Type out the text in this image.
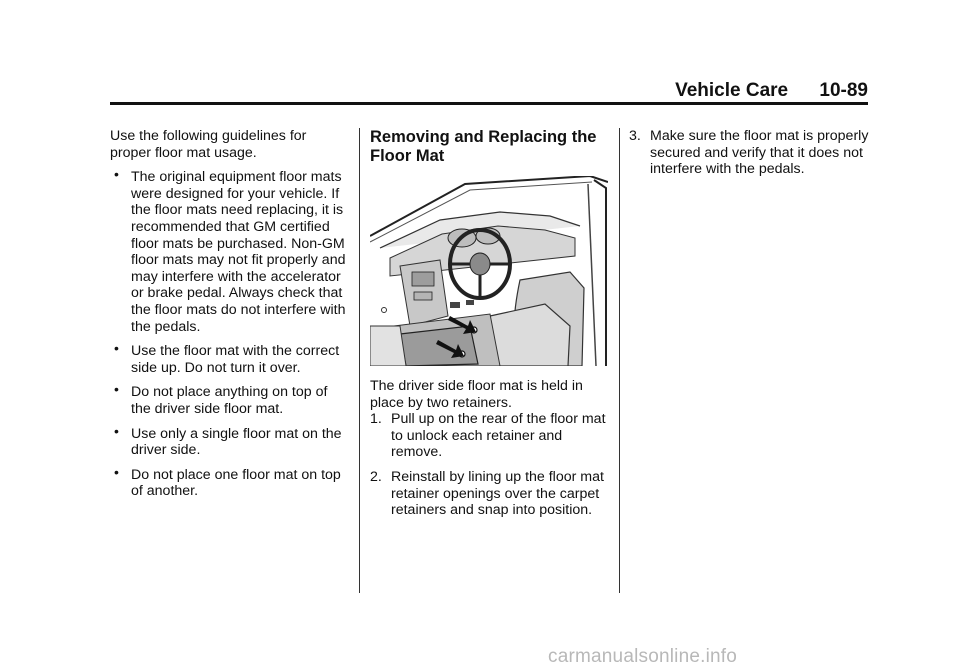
Vehicle Care 10-89

Use the following guidelines for proper floor mat usage.

• The original equipment floor mats were designed for your vehicle. If the floor mats need replacing, it is recommended that GM certified floor mats be purchased. Non-GM floor mats may not fit properly and may interfere with the accelerator or brake pedal. Always check that the floor mats do not interfere with the pedals.
• Use the floor mat with the correct side up. Do not turn it over.
• Do not place anything on top of the driver side floor mat.
• Use only a single floor mat on the driver side.
• Do not place one floor mat on top of another.
Removing and Replacing the Floor Mat

The driver side floor mat is held in place by two retainers.

1. Pull up on the rear of the floor mat to unlock each retainer and remove.
2. Reinstall by lining up the floor mat retainer openings over the carpet retainers and snap into position.
3. Make sure the floor mat is properly secured and verify that it does not interfere with the pedals.
carmanualsonline.info
